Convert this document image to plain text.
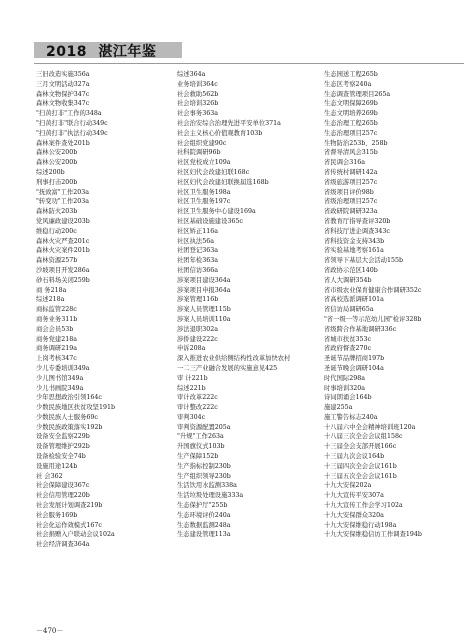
2018 湛江年鉴
三旧改造实施356a
三月文明活动327a
森林文物保护347c
森林文物收集347c
"扫黄打非"工作的348a
"扫黄打非"联合行动349c
"扫黄打非"执法行动349c
森林案件查处201b
森林公安200b
森林公安200b
综述200b
刑事打击200b
"抚致富"工作203a
"转变功"工作203a
森林防火203b
党风廉政建设203b
维稳行动200c
森林火灾严查201c
森林火灾案件201b
森林资源257b
沙坡项目开发286a
砂石料场关闭259b
商 务218a
综述218a
商标监管228c
商务业务311b
商会会员53b
商务党建218a
商务调研219a
上岗考核347c
少儿专委培训349a
少儿图书馆349a
少儿书画院349a
少年思想政治引领164c
少数民族地区扶贫攻坚191b
少数民族人士服务69c
少数民族政策落实192b
设备安全监察229b
设备管理维护292b
设备检验安全74b
设施用途124b
社 会362
社会保障建设367c
社会信用管理220b
社会发展计划调查219b
社会服务169b
社会化运作效模式167c
社会捐赠入户联动会议102a
社会经济调查364a
综述364a
业务培训364c
社会救助562b
社会培训326b
社会事务363a
社会治安综合治理先进平安单位371a
社会主义核心价值观教育103b
社会组织党建90c
社科院调研96b
社区党校成立109a
社区妇代会改建妇联168c
社区妇代会改建妇联换届选168b
社区卫生服务198a
社区卫生服务197c
社区卫生服务中心建设169a
社区基础设施建设365c
社区矫正116a
社区执法56a
社团登记363a
社团年检363a
社团信访366a
涉案项目建设364a
涉案项目申报364a
涉案管理116b
涉案人员管理115b
涉案人员培训110a
涉法退职302a
涉侨建设222c
申诉208a
深入推进农业供给侧结构性改革加快农村
一二三产业融合发展的实施意见425
审 计221b
综述221b
审计改革222c
审计整改222c
审判304c
审判资源配置205a
"升规"工作263a
升国旗仪式103b
生产保障152b
生产指标控制230b
生产组织领导230b
生活饮用水监测338a
生活垃圾处理设施333a
生态保护厅"255b
生态环境评价240a
生态数据监测248a
生态建设管理113a
生态园送工程265b
生态区考察240a
生态调查管理项目265a
生态文明保障269b
生态文明培养269b
生态治理工程265b
生态治理项目257c
生物防治253b、258b
省督导清风会315b
省民调会316a
省传统村调研142a
省级旅游项目257c
省级项目评价98b
省级治理项目257c
省政研院调研323a
省教育厅指导查评320b
省科技厅进企调查343c
省科技资金支持343b
省实验基地考察161a
省领导下基层大会活动155b
省政协示范区140b
省人大调研354b
省市级农业保育健康合作调研352c
省高校选派调研101a
省信访局调研65a
"省一级一等示范幼儿园"检评328b
省级跨合作基地调研336c
省城市扶贫353c
省政府督查270c
圣诞节品牌招商197b
圣诞节晚会调研104a
时代国际298a
时事培训320a
诗词朗诵会164b
施建255a
施工警告标志240a
十八届六中全会精神培训班120a
十八届三次全会会议组158c
十三届全会支部开展166c
十三届九次会议164b
十三届四次全会会议161b
十三届五次全会会议161b
十九大安保202a
十九大宣传平安307a
十九大宣传工作会学习102a
十九大安保群众320a
十九大安保维稳行动198a
十九大安保维稳信访工作调查194b
－470－
